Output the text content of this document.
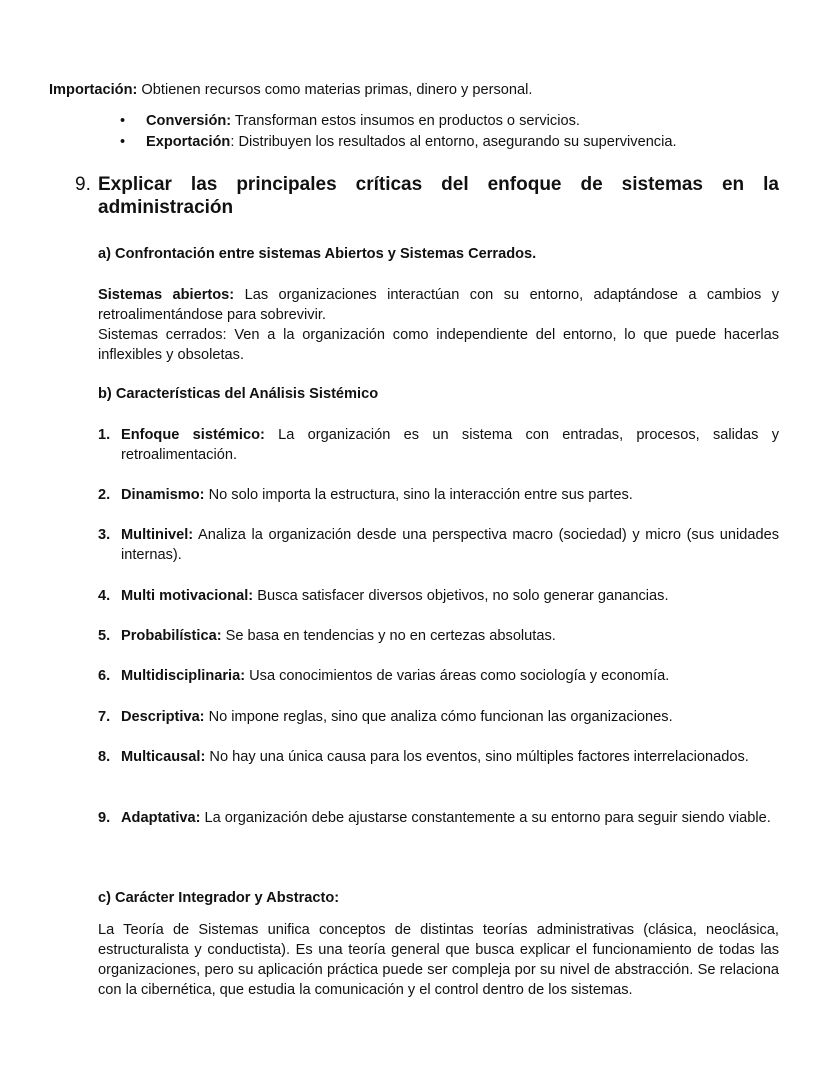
Importación: Obtienen recursos como materias primas, dinero y personal.
• Conversión: Transforman estos insumos en productos o servicios.
• Exportación: Distribuyen los resultados al entorno, asegurando su supervivencia.
9. Explicar las principales críticas del enfoque de sistemas en la administración
a) Confrontación entre sistemas Abiertos y Sistemas Cerrados.
Sistemas abiertos: Las organizaciones interactúan con su entorno, adaptándose a cambios y retroalimentándose para sobrevivir.
Sistemas cerrados: Ven a la organización como independiente del entorno, lo que puede hacerlas inflexibles y obsoletas.
b) Características del Análisis Sistémico
1. Enfoque sistémico: La organización es un sistema con entradas, procesos, salidas y retroalimentación.
2. Dinamismo: No solo importa la estructura, sino la interacción entre sus partes.
3. Multinivel: Analiza la organización desde una perspectiva macro (sociedad) y micro (sus unidades internas).
4. Multi motivacional: Busca satisfacer diversos objetivos, no solo generar ganancias.
5. Probabilística: Se basa en tendencias y no en certezas absolutas.
6. Multidisciplinaria: Usa conocimientos de varias áreas como sociología y economía.
7. Descriptiva: No impone reglas, sino que analiza cómo funcionan las organizaciones.
8. Multicausal: No hay una única causa para los eventos, sino múltiples factores interrelacionados.
9. Adaptativa: La organización debe ajustarse constantemente a su entorno para seguir siendo viable.
c) Carácter Integrador y Abstracto:
La Teoría de Sistemas unifica conceptos de distintas teorías administrativas (clásica, neoclásica, estructuralista y conductista). Es una teoría general que busca explicar el funcionamiento de todas las organizaciones, pero su aplicación práctica puede ser compleja por su nivel de abstracción. Se relaciona con la cibernética, que estudia la comunicación y el control dentro de los sistemas.
